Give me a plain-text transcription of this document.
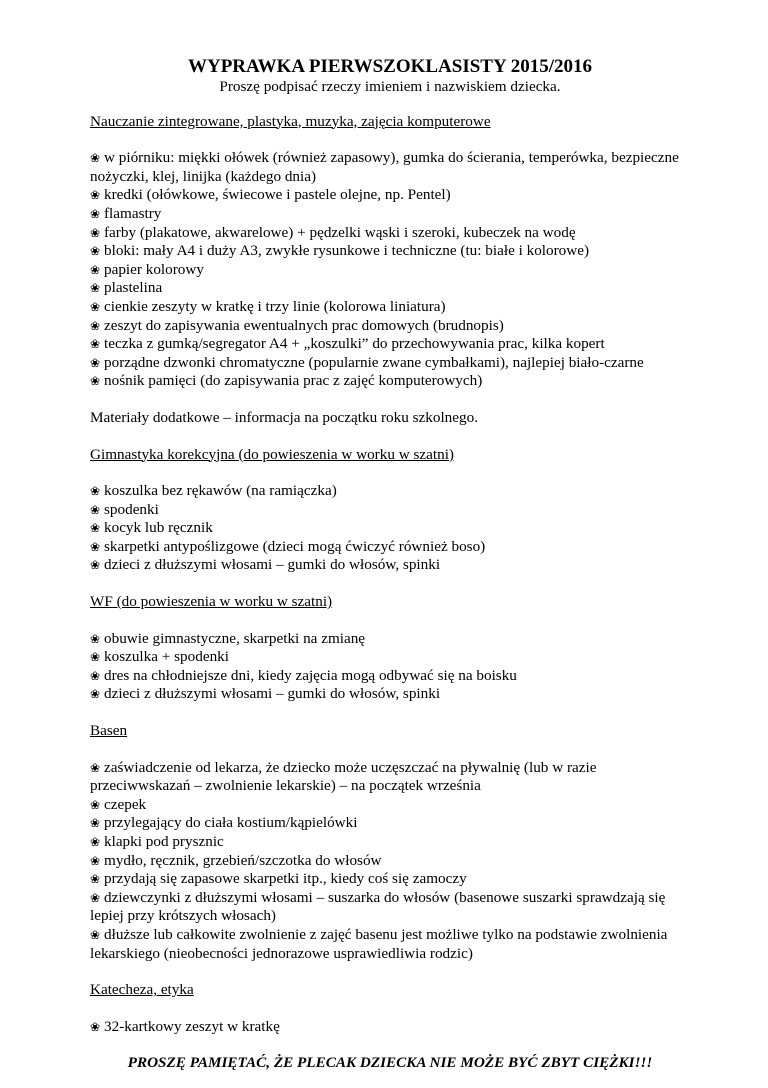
WYPRAWKA PIERWSZOKLASISTY 2015/2016

Proszę podpisać rzeczy imieniem i nazwiskiem dziecka.

Nauczanie zintegrowane, plastyka, muzyka, zajęcia komputerowe

❀ w piórniku: miękki ołówek (również zapasowy), gumka do ścierania, temperówka, bezpieczne nożyczki, klej, linijka (każdego dnia)
❀ kredki (ołówkowe, świecowe i pastele olejne, np. Pentel)
❀ flamastry
❀ farby (plakatowe, akwarelowe) + pędzelki wąski i szeroki, kubeczek na wodę
❀ bloki: mały A4 i duży A3, zwykłe rysunkowe i techniczne (tu: białe i kolorowe)
❀ papier kolorowy
❀ plastelina
❀ cienkie zeszyty w kratkę i trzy linie (kolorowa liniatura)
❀ zeszyt do zapisywania ewentualnych prac domowych (brudnopis)
❀ teczka z gumką/segregator A4 + „koszulki” do przechowywania prac, kilka kopert
❀ porządne dzwonki chromatyczne (popularnie zwane cymbałkami), najlepiej biało-czarne
❀ nośnik pamięci (do zapisywania prac z zajęć komputerowych)

Materiały dodatkowe – informacja na początku roku szkolnego.

Gimnastyka korekcyjna (do powieszenia w worku w szatni)

❀ koszulka bez rękawów (na ramiączka)
❀ spodenki
❀ kocyk lub ręcznik
❀ skarpetki antypoślizgowe (dzieci mogą ćwiczyć również boso)
❀ dzieci z dłuższymi włosami – gumki do włosów, spinki

WF (do powieszenia w worku w szatni)

❀ obuwie gimnastyczne, skarpetki na zmianę
❀ koszulka + spodenki
❀ dres na chłodniejsze dni, kiedy zajęcia mogą odbywać się na boisku
❀ dzieci z dłuższymi włosami – gumki do włosów, spinki

Basen

❀ zaświadczenie od lekarza, że dziecko może uczęszczać na pływalnię (lub w razie przeciwwskazań – zwolnienie lekarskie) – na początek września
❀ czepek
❀ przylegający do ciała kostium/kąpielówki
❀ klapki pod prysznic
❀ mydło, ręcznik, grzebień/szczotka do włosów
❀ przydają się zapasowe skarpetki itp., kiedy coś się zamoczy
❀ dziewczynki z dłuższymi włosami – suszarka do włosów (basenowe suszarki sprawdzają się lepiej przy krótszych włosach)
❀ dłuższe lub całkowite zwolnienie z zajęć basenu jest możliwe tylko na podstawie zwolnienia lekarskiego (nieobecności jednorazowe usprawiedliwia rodzic)

Katecheza, etyka

❀ 32-kartkowy zeszyt w kratkę

PROSZĘ PAMIĘTAĆ, ŻE PLECAK DZIECKA NIE MOŻE BYĆ ZBYT CIĘŻKI!!!
